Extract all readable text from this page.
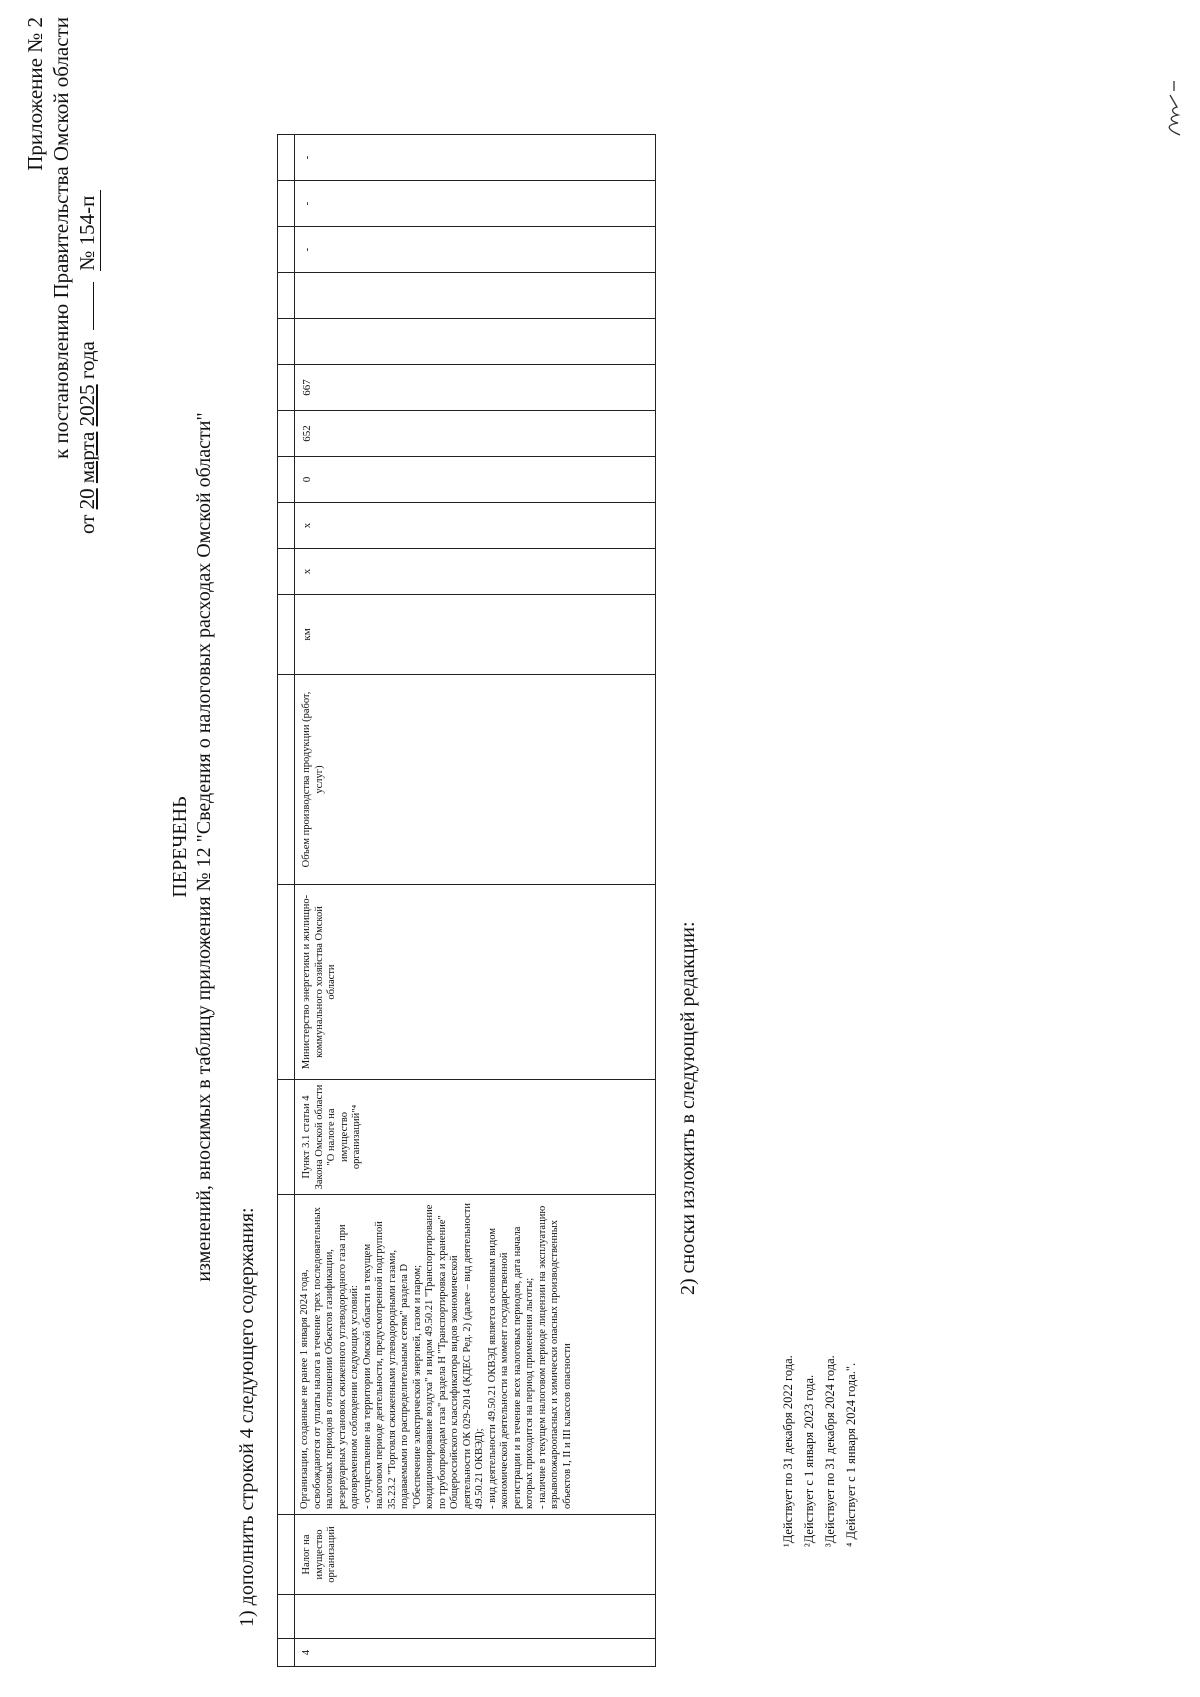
Приложение № 2 к постановлению Правительства Омской области
от 20 марта 2025 года  № 154-п
ПЕРЕЧЕНЬ изменений, вносимых в таблицу приложения № 12 "Сведения о налоговых расходах Омской области"
1) дополнить строкой 4 следующего содержания:

4		Налог на имущество организаций	Организации, созданные не ранее 1 января 2024 года, освобождаются от уплаты налога в течение трех последовательных налоговых периодов в отношении Объектов газификации, резервуарных установок сжиженного углеводородного газа при одновременном соблюдении следующих условий: - осуществление на территории Омской области в текущем налоговом периоде деятельности, предусмотренной подгруппой 35.23.2 "Торговля сжиженными углеводородными газами, подаваемыми по распределительным сетям" раздела D "Обеспечение электрической энергией, газом и паром; кондиционирование воздуха" и видом 49.50.21 "Транспортирование по трубопроводам газа" раздела H "Транспортировка и хранение" Общероссийского классификатора видов экономической деятельности ОК 029-2014 (КДЕС Ред. 2) (далее – вид деятельности 49.50.21 ОКВЭД); - вид деятельности 49.50.21 ОКВЭД является основным видом экономической деятельности на момент государственной регистрации и в течение всех налоговых периодов, дата начала которых приходится на период применения льготы; - наличие в текущем налоговом периоде лицензии на эксплуатацию взрывопожароопасных и химически опасных производственных объектов I, II и III классов опасности	Пункт 3.1 статьи 4 Закона Омской области "О налоге на имущество организаций"⁴	Министерство энергетики и жилищно-коммунального хозяйства Омской области	Объем производства продукции (работ, услуг)	км	x	x	0	652	667			-	-	-
2) сноски изложить в следующей редакции:
¹Действует по 31 декабря 2022 года. ²Действует с 1 января 2023 года. ³Действует по 31 декабря 2024 года. ⁴ Действует с 1 января 2024 года.".
